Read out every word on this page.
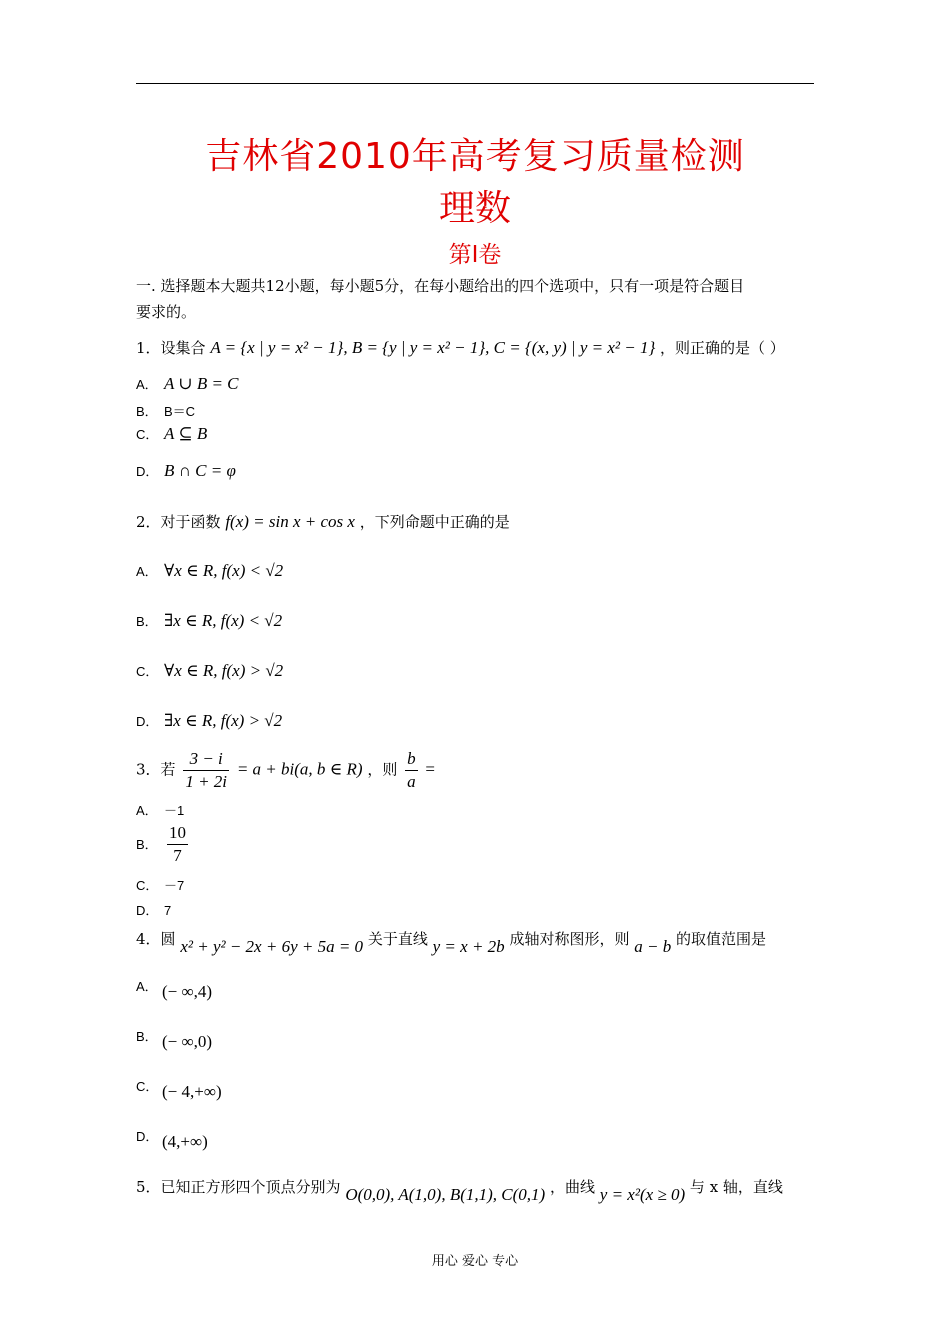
吉林省2010年高考复习质量检测
理数
第Ⅰ卷
一. 选择题本大题共12小题，每小题5分，在每小题给出的四个选项中，只有一项是符合题目
要求的。
1．设集合 A = {x | y = x² − 1}, B = {y | y = x² − 1}, C = {(x, y) | y = x² − 1} ，则正确的是（ ）
A． A ∪ B = C
B． B＝C
C． A ⊆ B
D． B ∩ C = φ
2．对于函数 f(x) = sin x + cos x ，下列命题中正确的是
A． ∀x ∈ R, f(x) < √2
B． ∃x ∈ R, f(x) < √2
C． ∀x ∈ R, f(x) > √2
D． ∃x ∈ R, f(x) > √2
3．若 $\frac{3 - i}{1 + 2i} = a + bi(a$, b ∈ R) ，则 $\frac{b}{a}$ =
A． －1
B． $\frac{10}{7}$
C． －7
D． 7
4．圆 x² + y² − 2x + 6y + 5a = 0 关于直线 y = x + 2b 成轴对称图形，则 a − b 的取值范围是
A． (− ∞,4)
B． (− ∞,0)
C． (− 4,+∞)
D． (4,+∞)
5．已知正方形四个顶点分别为 O(0,0), A(1,0), B(1,1), C(0,1) ，曲线 y = x²(x ≥ 0) 与 x 轴，直线
用心 爱心 专心
